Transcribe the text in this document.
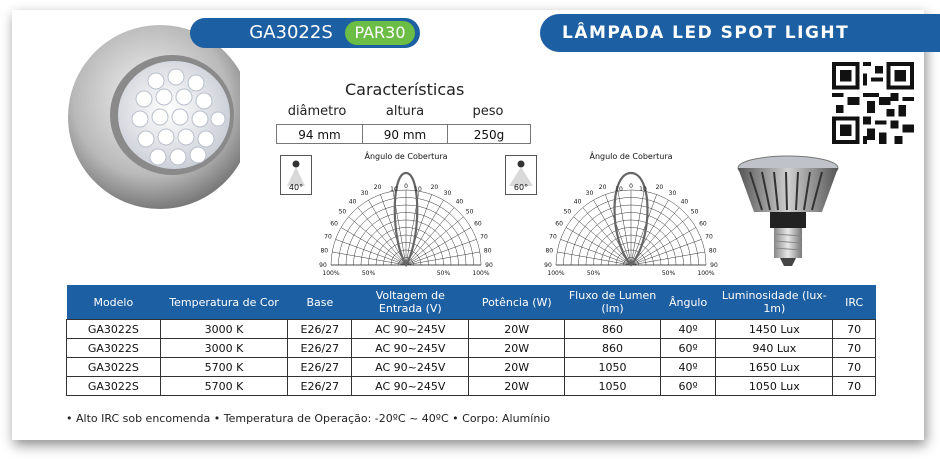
GA3022S	PAR30	LÂMPADA LED SPOT LIGHT GA3022S
Características
diâmetro	altura	peso
94 mm	90 mm	250g
40°	60°
Ângulo de Cobertura
10 0 10
20	20
30	30
40	40
50	50
60	60
70	70
80	80
90	90
100%	50%	50%	100%
Ângulo de Cobertura
10 0 10
20	20
30	30
40	40
50	50
60	60
70	70
80	80
90	90
100%	50%	50%	100%
Modelo	Temperatura de Cor	Base	Voltagem de Entrada (V)	Potência (W)	Fluxo de Lumen (lm)	Ângulo	Luminosidade (lux-1m)	IRC
GA3022S	3000 K	E26/27	AC 90~245V	20W	860	40º	1450 Lux	70
GA3022S	3000 K	E26/27	AC 90~245V	20W	860	60º	940 Lux	70
GA3022S	5700 K	E26/27	AC 90~245V	20W	1050	40º	1650 Lux	70
GA3022S	5700 K	E26/27	AC 90~245V	20W	1050	60º	1050 Lux	70
• Alto IRC sob encomenda • Temperatura de Operação: -20ºC ~ 40ºC • Corpo: Alumínio
